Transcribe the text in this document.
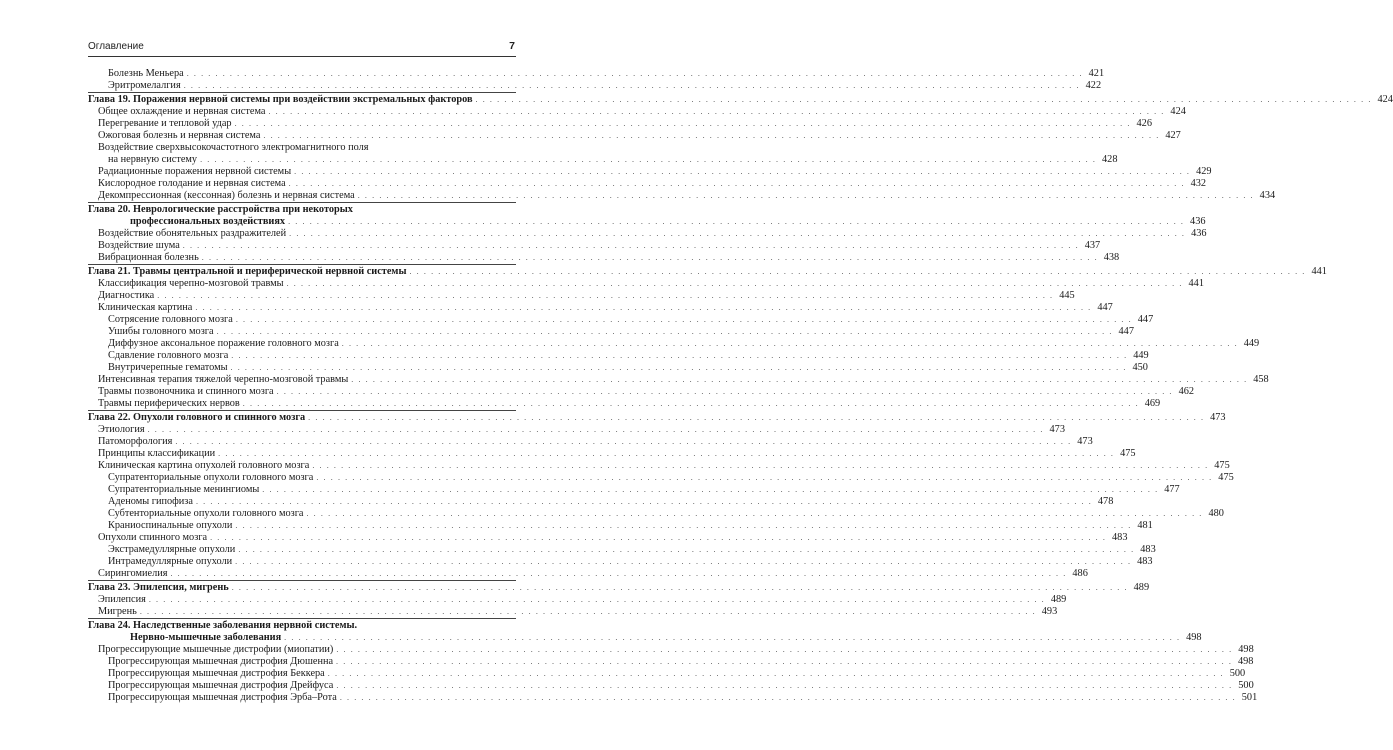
Оглавление	7
Болезнь Меньера . . .	421
Эритромелалгия . . .	422
Глава 19. Поражения нервной системы при воздействии экстремальных факторов . . .	424
Общее охлаждение и нервная система . . .	424
Перегревание и тепловой удар . . .	426
Ожоговая болезнь и нервная система . . .	427
Воздействие сверхвысокочастотного электромагнитного поля
на нервную систему . . .	428
Радиационные поражения нервной системы . . .	429
Кислородное голодание и нервная система . . .	432
Декомпрессионная (кессонная) болезнь и нервная система . . .	434
Глава 20. Неврологические расстройства при некоторых
профессиональных воздействиях . . .	436
Воздействие обонятельных раздражителей . . .	436
Воздействие шума . . .	437
Вибрационная болезнь . . .	438
Глава 21. Травмы центральной и периферической нервной системы . . .	441
Классификация черепно-мозговой травмы . . .	441
Диагностика . . .	445
Клиническая картина . . .	447
Сотрясение головного мозга . . .	447
Ушибы головного мозга . . .	447
Диффузное аксональное поражение головного мозга . . .	449
Сдавление головного мозга . . .	449
Внутричерепные гематомы . . .	450
Интенсивная терапия тяжелой черепно-мозговой травмы . . .	458
Травмы позвоночника и спинного мозга . . .	462
Травмы периферических нервов . . .	469
Глава 22. Опухоли головного и спинного мозга . . .	473
Этиология . . .	473
Патоморфология . . .	473
Принципы классификации . . .	475
Клиническая картина опухолей головного мозга . . .	475
Супратенториальные опухоли головного мозга . . .	475
Супратенториальные менингиомы . . .	477
Аденомы гипофиза . . .	478
Субтенториальные опухоли головного мозга . . .	480
Краниоспинальные опухоли . . .	481
Опухоли спинного мозга . . .	483
Экстрамедуллярные опухоли . . .	483
Интрамедуллярные опухоли . . .	483
Сирингомиелия . . .	486
Глава 23. Эпилепсия, мигрень . . .	489
Эпилепсия . . .	489
Мигрень . . .	493
Глава 24. Наследственные заболевания нервной системы.
Нервно-мышечные заболевания . . .	498
Прогрессирующие мышечные дистрофии (миопатии) . . .	498
Прогрессирующая мышечная дистрофия Дюшенна . . .	498
Прогрессирующая мышечная дистрофия Беккера . . .	500
Прогрессирующая мышечная дистрофия Дрейфуса . . .	500
Прогрессирующая мышечная дистрофия Эрба–Рота . . .	501
